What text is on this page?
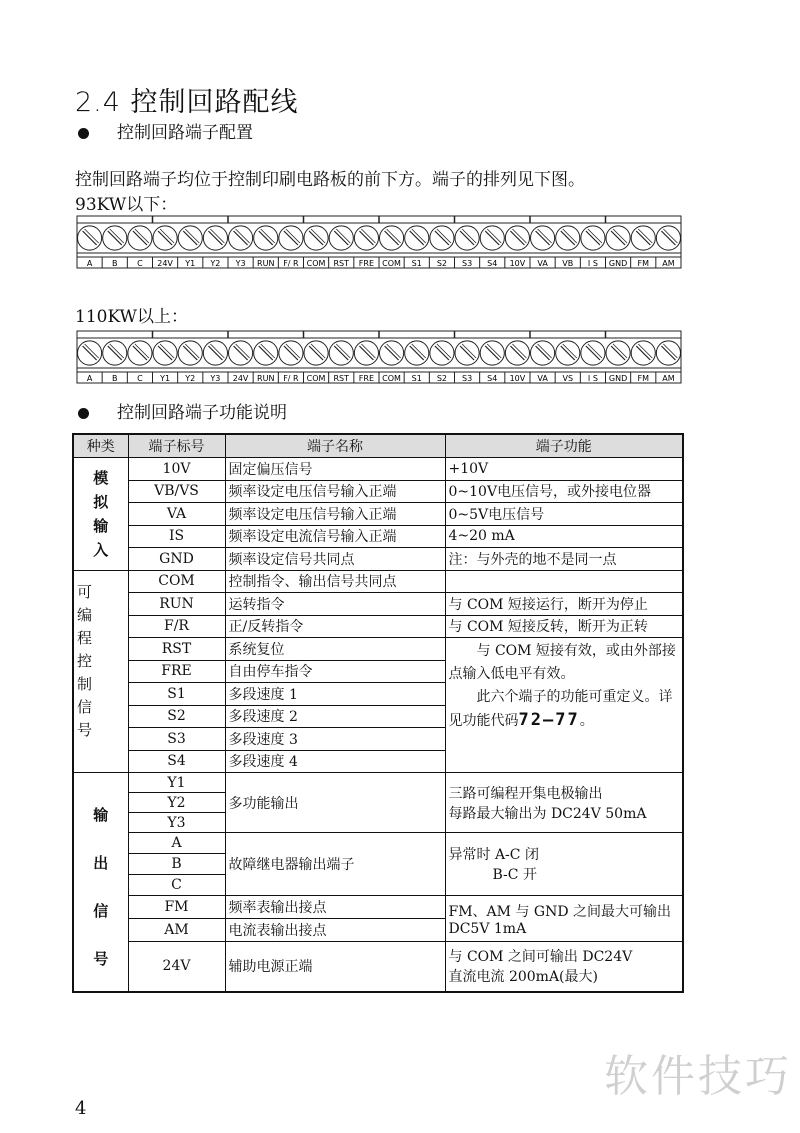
2.4 控制回路配线
控制回路端子配置
控制回路端子均位于控制印刷电路板的前下方。端子的排列见下图。
93KW以下：
A B C 24V Y1 Y2 Y3 RUN F/ R COM RST FRE COM S1 S2 S3 S4 10V VA VB I S GND FM AM
110KW以上：
A B C Y1 Y2 Y3 24V RUN F/ R COM RST FRE COM S1 S2 S3 S4 10V VA VS I S GND FM AM
控制回路端子功能说明
种类	端子标号	端子名称	端子功能
模拟输入	10V	固定偏压信号	+10V
	VB/VS	频率设定电压信号输入正端	0~10V电压信号，或外接电位器
	VA	频率设定电压信号输入正端	0~5V电压信号
	IS	频率设定电流信号输入正端	4~20 mA
	GND	频率设定信号共同点	注：与外壳的地不是同一点
可编程控制信号	COM	控制指令、输出信号共同点	
	RUN	运转指令	与 COM 短接运行，断开为停止
	F/R	正/反转指令	与 COM 短接反转，断开为正转
	RST	系统复位	与 COM 短接有效，或由外部接点输入低电平有效。
此六个端子的功能可重定义。详见功能代码72—77。

	FRE	自由停车指令	
	S1	多段速度 1	
	S2	多段速度 2	
	S3	多段速度 3	
	S4	多段速度 4	
输出信号	Y1	多功能输出	三路可编程开集电极输出
每路最大输出为 DC24V 50mA

	Y2		
	Y3		
	A	故障继电器输出端子	异常时 A-C 闭
B-C 开

	B		
	C		
	FM	频率表输出接点	FM、AM 与 GND 之间最大可输出 DC5V 1mA
	AM	电流表输出接点	
	24V	辅助电源正端	与 COM 之间可输出 DC24V
直流电流 200mA(最大)
软件技巧
4
